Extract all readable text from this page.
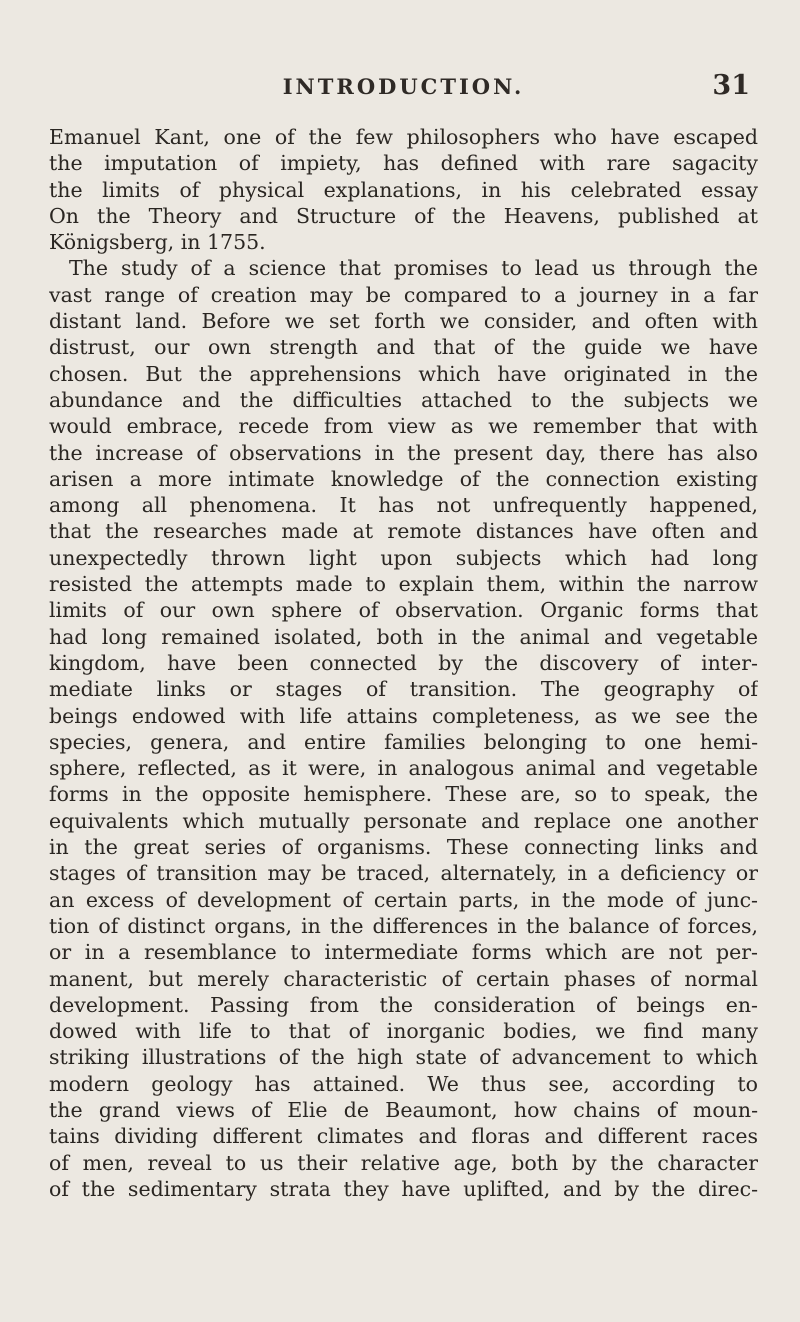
INTRODUCTION.	31
Emanuel Kant, one of the few philosophers who have escaped
the imputation of impiety, has defined with rare sagacity
the limits of physical explanations, in his celebrated essay
On the Theory and Structure of the Heavens, published at
Königsberg, in 1755.
The study of a science that promises to lead us through the
vast range of creation may be compared to a journey in a far
distant land. Before we set forth we consider, and often with
distrust, our own strength and that of the guide we have
chosen. But the apprehensions which have originated in the
abundance and the difficulties attached to the subjects we
would embrace, recede from view as we remember that with
the increase of observations in the present day, there has also
arisen a more intimate knowledge of the connection existing
among all phenomena. It has not unfrequently happened,
that the researches made at remote distances have often and
unexpectedly thrown light upon subjects which had long
resisted the attempts made to explain them, within the narrow
limits of our own sphere of observation. Organic forms that
had long remained isolated, both in the animal and vegetable
kingdom, have been connected by the discovery of inter-
mediate links or stages of transition. The geography of
beings endowed with life attains completeness, as we see the
species, genera, and entire families belonging to one hemi-
sphere, reflected, as it were, in analogous animal and vegetable
forms in the opposite hemisphere. These are, so to speak, the
equivalents which mutually personate and replace one another
in the great series of organisms. These connecting links and
stages of transition may be traced, alternately, in a deficiency or
an excess of development of certain parts, in the mode of junc-
tion of distinct organs, in the differences in the balance of forces,
or in a resemblance to intermediate forms which are not per-
manent, but merely characteristic of certain phases of normal
development. Passing from the consideration of beings en-
dowed with life to that of inorganic bodies, we find many
striking illustrations of the high state of advancement to which
modern geology has attained. We thus see, according to
the grand views of Elie de Beaumont, how chains of moun-
tains dividing different climates and floras and different races
of men, reveal to us their relative age, both by the character
of the sedimentary strata they have uplifted, and by the direc-
